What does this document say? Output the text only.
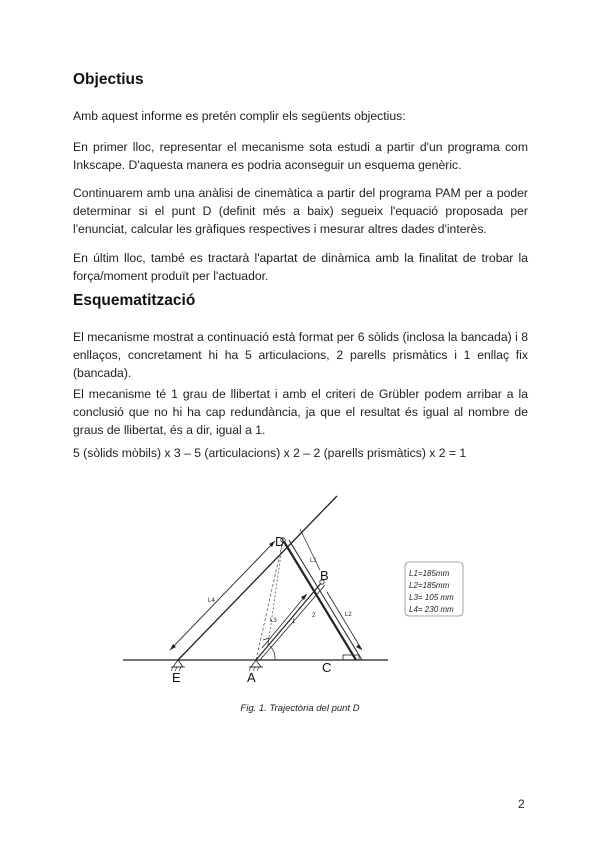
Objectius

Amb aquest informe es pretén complir els següents objectius:

En primer lloc, representar el mecanisme sota estudi a partir d'un programa com Inkscape. D'aquesta manera es podria aconseguir un esquema genèric.

Continuarem amb una anàlisi de cinemàtica a partir del programa PAM per a poder determinar si el punt D (definit més a baix) segueix l'equació proposada per l'enunciat, calcular les gràfiques respectives i mesurar altres dades d'interès.

En últim lloc, també es tractarà l'apartat de dinàmica amb la finalitat de trobar la força/moment produït per l'actuador.

Esquematització

El mecanisme mostrat a continuació està format per 6 sòlids (inclosa la bancada) i 8 enllaços, concretament hi ha 5 articulacions, 2 parells prismàtics i 1 enllaç fix (bancada).

El mecanisme té 1 grau de llibertat i amb el criteri de Grübler podem arribar a la conclusió que no hi ha cap redundància, ja que el resultat és igual al nombre de graus de llibertat, és a dir, igual a 1.

5 (sòlids mòbils) x 3 – 5 (articulacions) x 2 – 2 (parells prismàtics) x 2 = 1

D
B
E	A
C
2
1
L3
L1
L2
L4
L1=185mm
L2=185mm
L3= 105 mm
L4= 230 mm
Fig. 1. Trajectòria del punt D
2
